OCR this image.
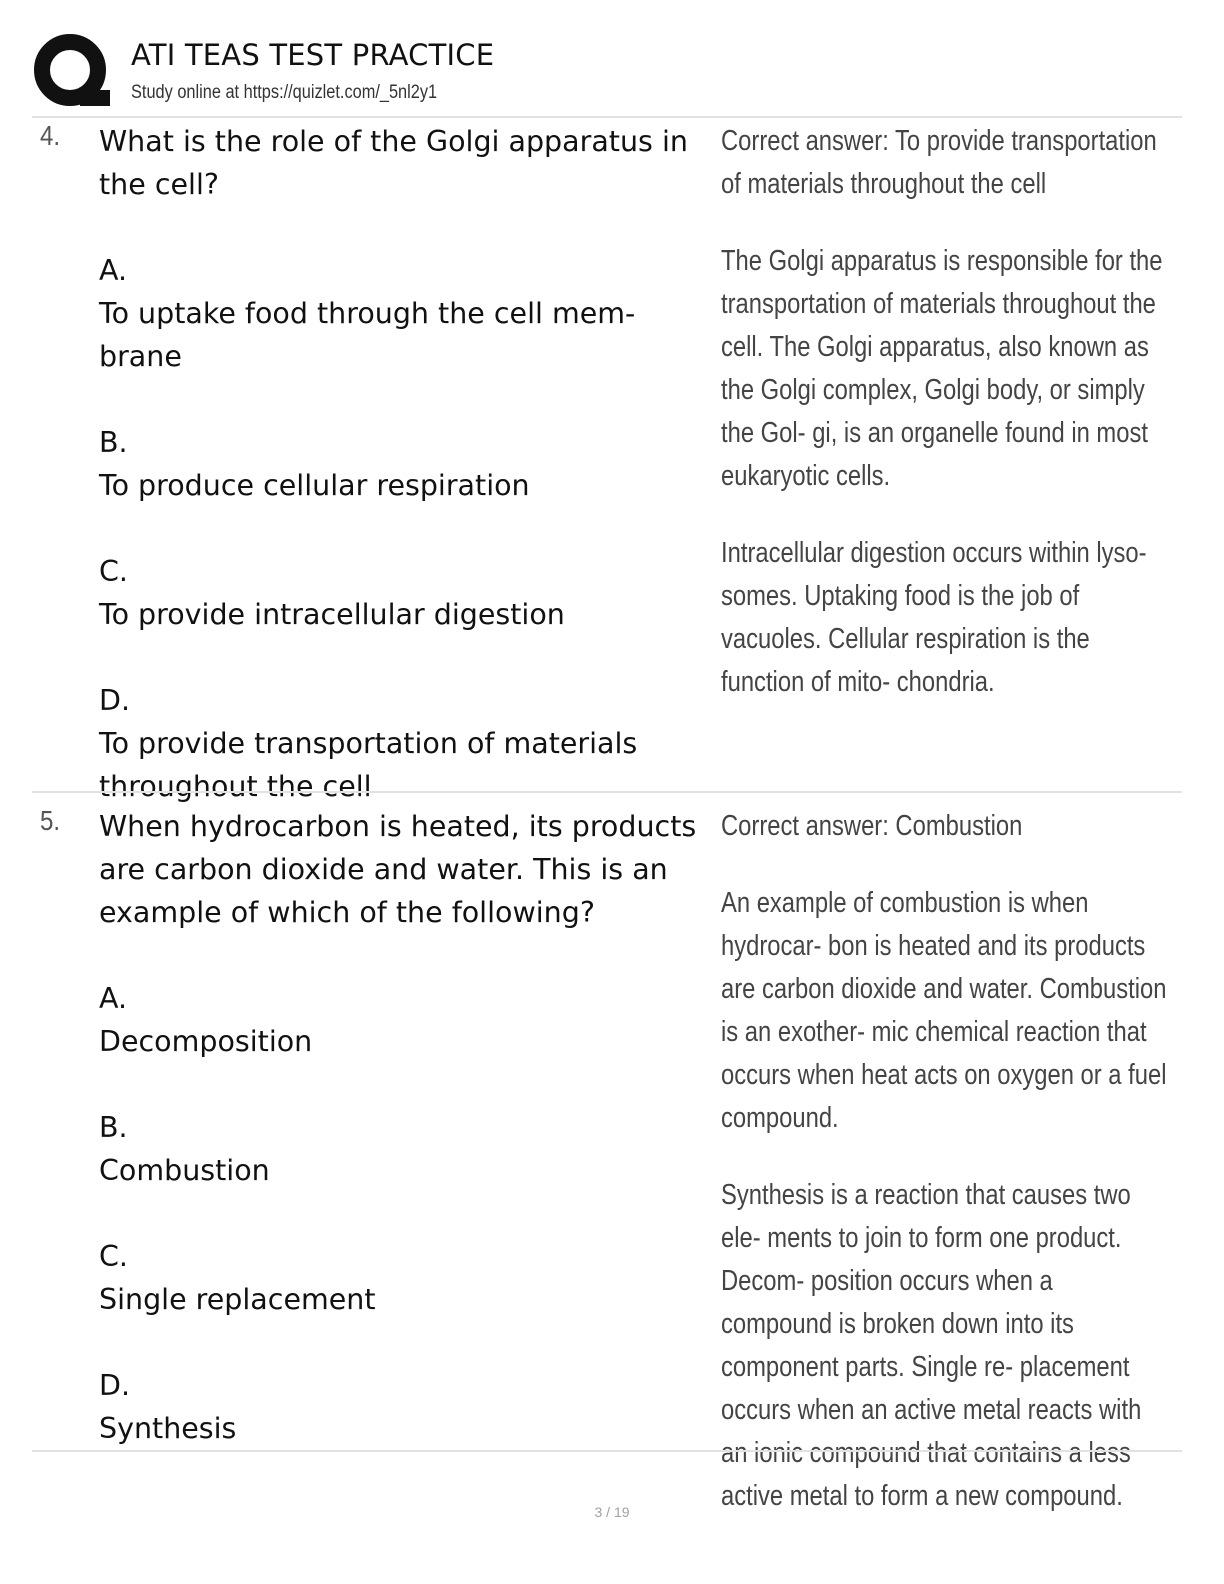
ATI TEAS TEST PRACTICE
Study online at https://quizlet.com/_5nl2y1
4. What is the role of the Golgi apparatus in the cell?

A.
To uptake food through the cell mem- brane
B.
To produce cellular respiration
C.
To provide intracellular digestion
D.
To provide transportation of materials throughout the cell

Correct answer: To provide transportation of materials throughout the cell

The Golgi apparatus is responsible for the transportation of materials throughout the cell. The Golgi apparatus, also known as the Golgi complex, Golgi body, or simply the Gol- gi, is an organelle found in most eukaryotic cells.

Intracellular digestion occurs within lyso- somes. Uptaking food is the job of vacuoles. Cellular respiration is the function of mito- chondria.

5. When hydrocarbon is heated, its products are carbon dioxide and water. This is an example of which of the following?

A.
Decomposition
B.
Combustion
C.
Single replacement
D.
Synthesis

Correct answer: Combustion

An example of combustion is when hydrocar- bon is heated and its products are carbon dioxide and water. Combustion is an exother- mic chemical reaction that occurs when heat acts on oxygen or a fuel compound.

Synthesis is a reaction that causes two ele- ments to join to form one product. Decom- position occurs when a compound is broken down into its component parts. Single re- placement occurs when an active metal reacts with an ionic compound that contains a less active metal to form a new compound.

3 / 19
